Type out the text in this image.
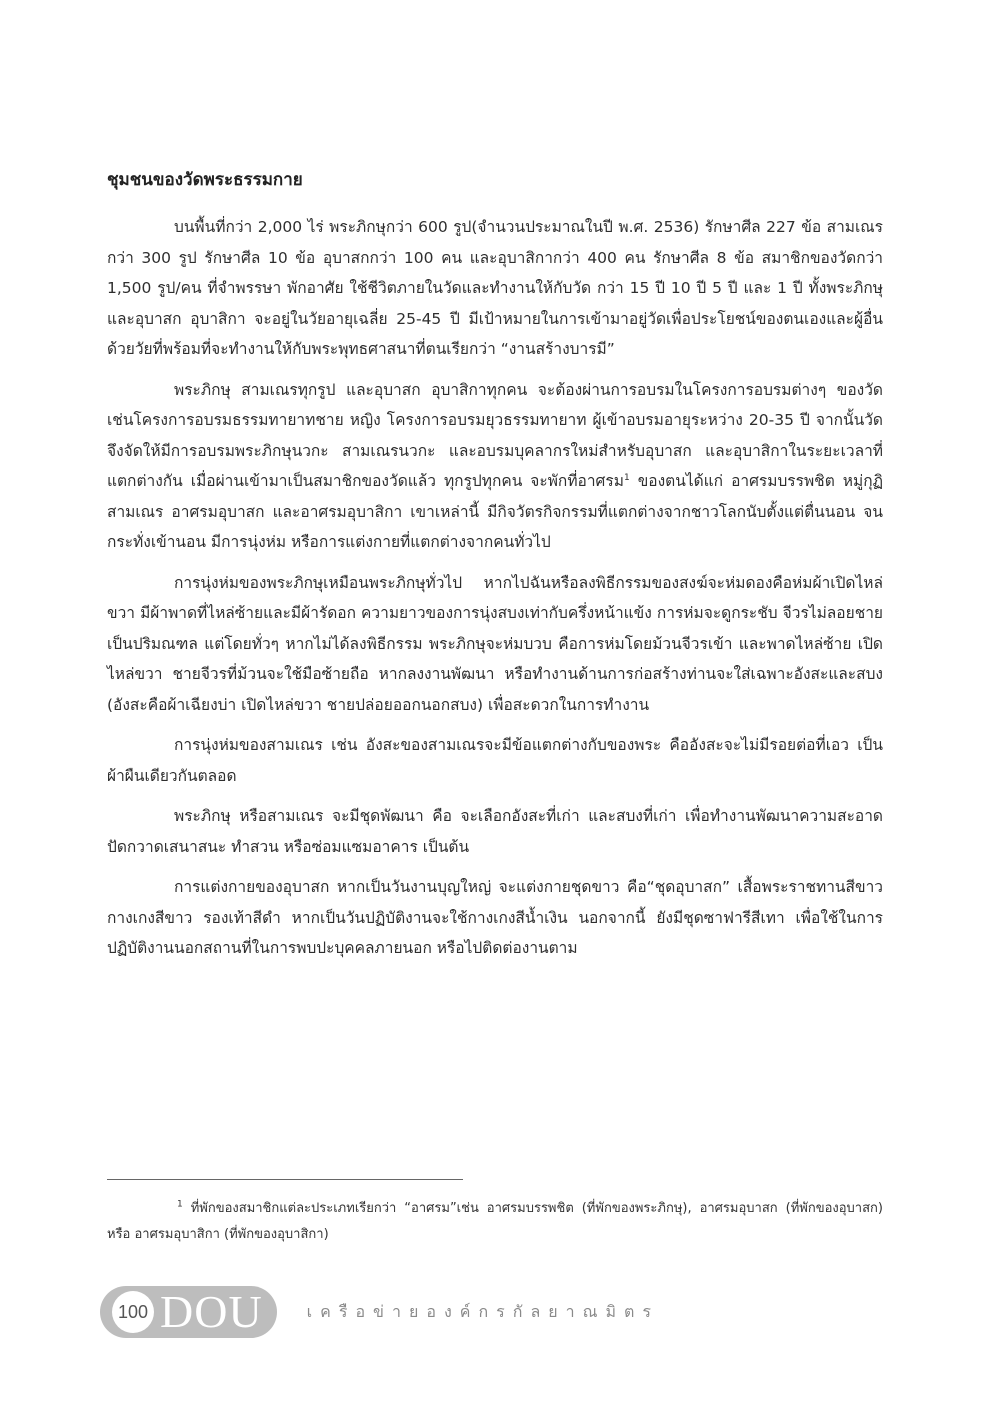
ชุมชนของวัดพระธรรมกาย

บนพื้นที่กว่า 2,000 ไร่ พระภิกษุกว่า 600 รูป(จำนวนประมาณในปี พ.ศ. 2536) รักษาศีล 227 ข้อ สามเณรกว่า 300 รูป รักษาศีล 10 ข้อ อุบาสกกว่า 100 คน และอุบาสิกากว่า 400 คน รักษาศีล 8 ข้อ สมาชิกของวัดกว่า 1,500 รูป/คน ที่จำพรรษา พักอาศัย ใช้ชีวิตภายในวัดและทำงานให้กับวัด กว่า 15 ปี 10 ปี 5 ปี และ 1 ปี ทั้งพระภิกษุ และอุบาสก อุบาสิกา จะอยู่ในวัยอายุเฉลี่ย 25-45 ปี มีเป้าหมายในการเข้ามาอยู่วัดเพื่อประโยชน์ของตนเองและผู้อื่น ด้วยวัยที่พร้อมที่จะทำงานให้กับพระพุทธศาสนาที่ตนเรียกว่า “งานสร้างบารมี”

พระภิกษุ สามเณรทุกรูป และอุบาสก อุบาสิกาทุกคน จะต้องผ่านการอบรมในโครงการอบรมต่างๆ ของวัด เช่นโครงการอบรมธรรมทายาทชาย หญิง โครงการอบรมยุวธรรมทายาท ผู้เข้าอบรมอายุระหว่าง 20-35 ปี จากนั้นวัดจึงจัดให้มีการอบรมพระภิกษุนวกะ สามเณรนวกะ และอบรมบุคลากรใหม่สำหรับอุบาสก และอุบาสิกาในระยะเวลาที่แตกต่างกัน เมื่อผ่านเข้ามาเป็นสมาชิกของวัดแล้ว ทุกรูปทุกคน จะพักที่อาศรม$^1$ ของตนได้แก่ อาศรมบรรพชิต หมู่กุฏิสามเณร อาศรมอุบาสก และอาศรมอุบาสิกา เขาเหล่านี้ มีกิจวัตรกิจกรรมที่แตกต่างจากชาวโลกนับตั้งแต่ตื่นนอน จนกระทั่งเข้านอน มีการนุ่งห่ม หรือการแต่งกายที่แตกต่างจากคนทั่วไป

การนุ่งห่มของพระภิกษุเหมือนพระภิกษุทั่วไป หากไปฉันหรือลงพิธีกรรมของสงฆ์จะห่มดองคือห่มผ้าเปิดไหล่ขวา มีผ้าพาดที่ไหล่ซ้ายและมีผ้ารัดอก ความยาวของการนุ่งสบงเท่ากับครึ่งหน้าแข้ง การห่มจะดูกระชับ จีวรไม่ลอยชาย เป็นปริมณฑล แต่โดยทั่วๆ หากไม่ได้ลงพิธีกรรม พระภิกษุจะห่มบวบ คือการห่มโดยม้วนจีวรเข้า และพาดไหล่ซ้าย เปิดไหล่ขวา ชายจีวรที่ม้วนจะใช้มือซ้ายถือ หากลงงานพัฒนา หรือทำงานด้านการก่อสร้างท่านจะใส่เฉพาะอังสะและสบง (อังสะคือผ้าเฉียงบ่า เปิดไหล่ขวา ชายปล่อยออกนอกสบง) เพื่อสะดวกในการทำงาน

การนุ่งห่มของสามเณร เช่น อังสะของสามเณรจะมีข้อแตกต่างกับของพระ คืออังสะจะไม่มีรอยต่อที่เอว เป็นผ้าผืนเดียวกันตลอด

พระภิกษุ หรือสามเณร จะมีชุดพัฒนา คือ จะเลือกอังสะที่เก่า และสบงที่เก่า เพื่อทำงานพัฒนาความสะอาด ปัดกวาดเสนาสนะ ทำสวน หรือซ่อมแซมอาคาร เป็นต้น

การแต่งกายของอุบาสก หากเป็นวันงานบุญใหญ่ จะแต่งกายชุดขาว คือ“ชุดอุบาสก” เสื้อพระราชทานสีขาว กางเกงสีขาว รองเท้าสีดำ หากเป็นวันปฏิบัติงานจะใช้กางเกงสีน้ำเงิน นอกจากนี้ ยังมีชุดซาฟารีสีเทา เพื่อใช้ในการปฏิบัติงานนอกสถานที่ในการพบปะบุคคลภายนอก หรือไปติดต่องานตาม

$^1$ ที่พักของสมาชิกแต่ละประเภทเรียกว่า “อาศรม”เช่น อาศรมบรรพชิต (ที่พักของพระภิกษุ), อาศรมอุบาสก (ที่พักของอุบาสก) หรือ อาศรมอุบาสิกา (ที่พักของอุบาสิกา)
100 DOU	เครือข่ายองค์กรกัลยาณมิตร
